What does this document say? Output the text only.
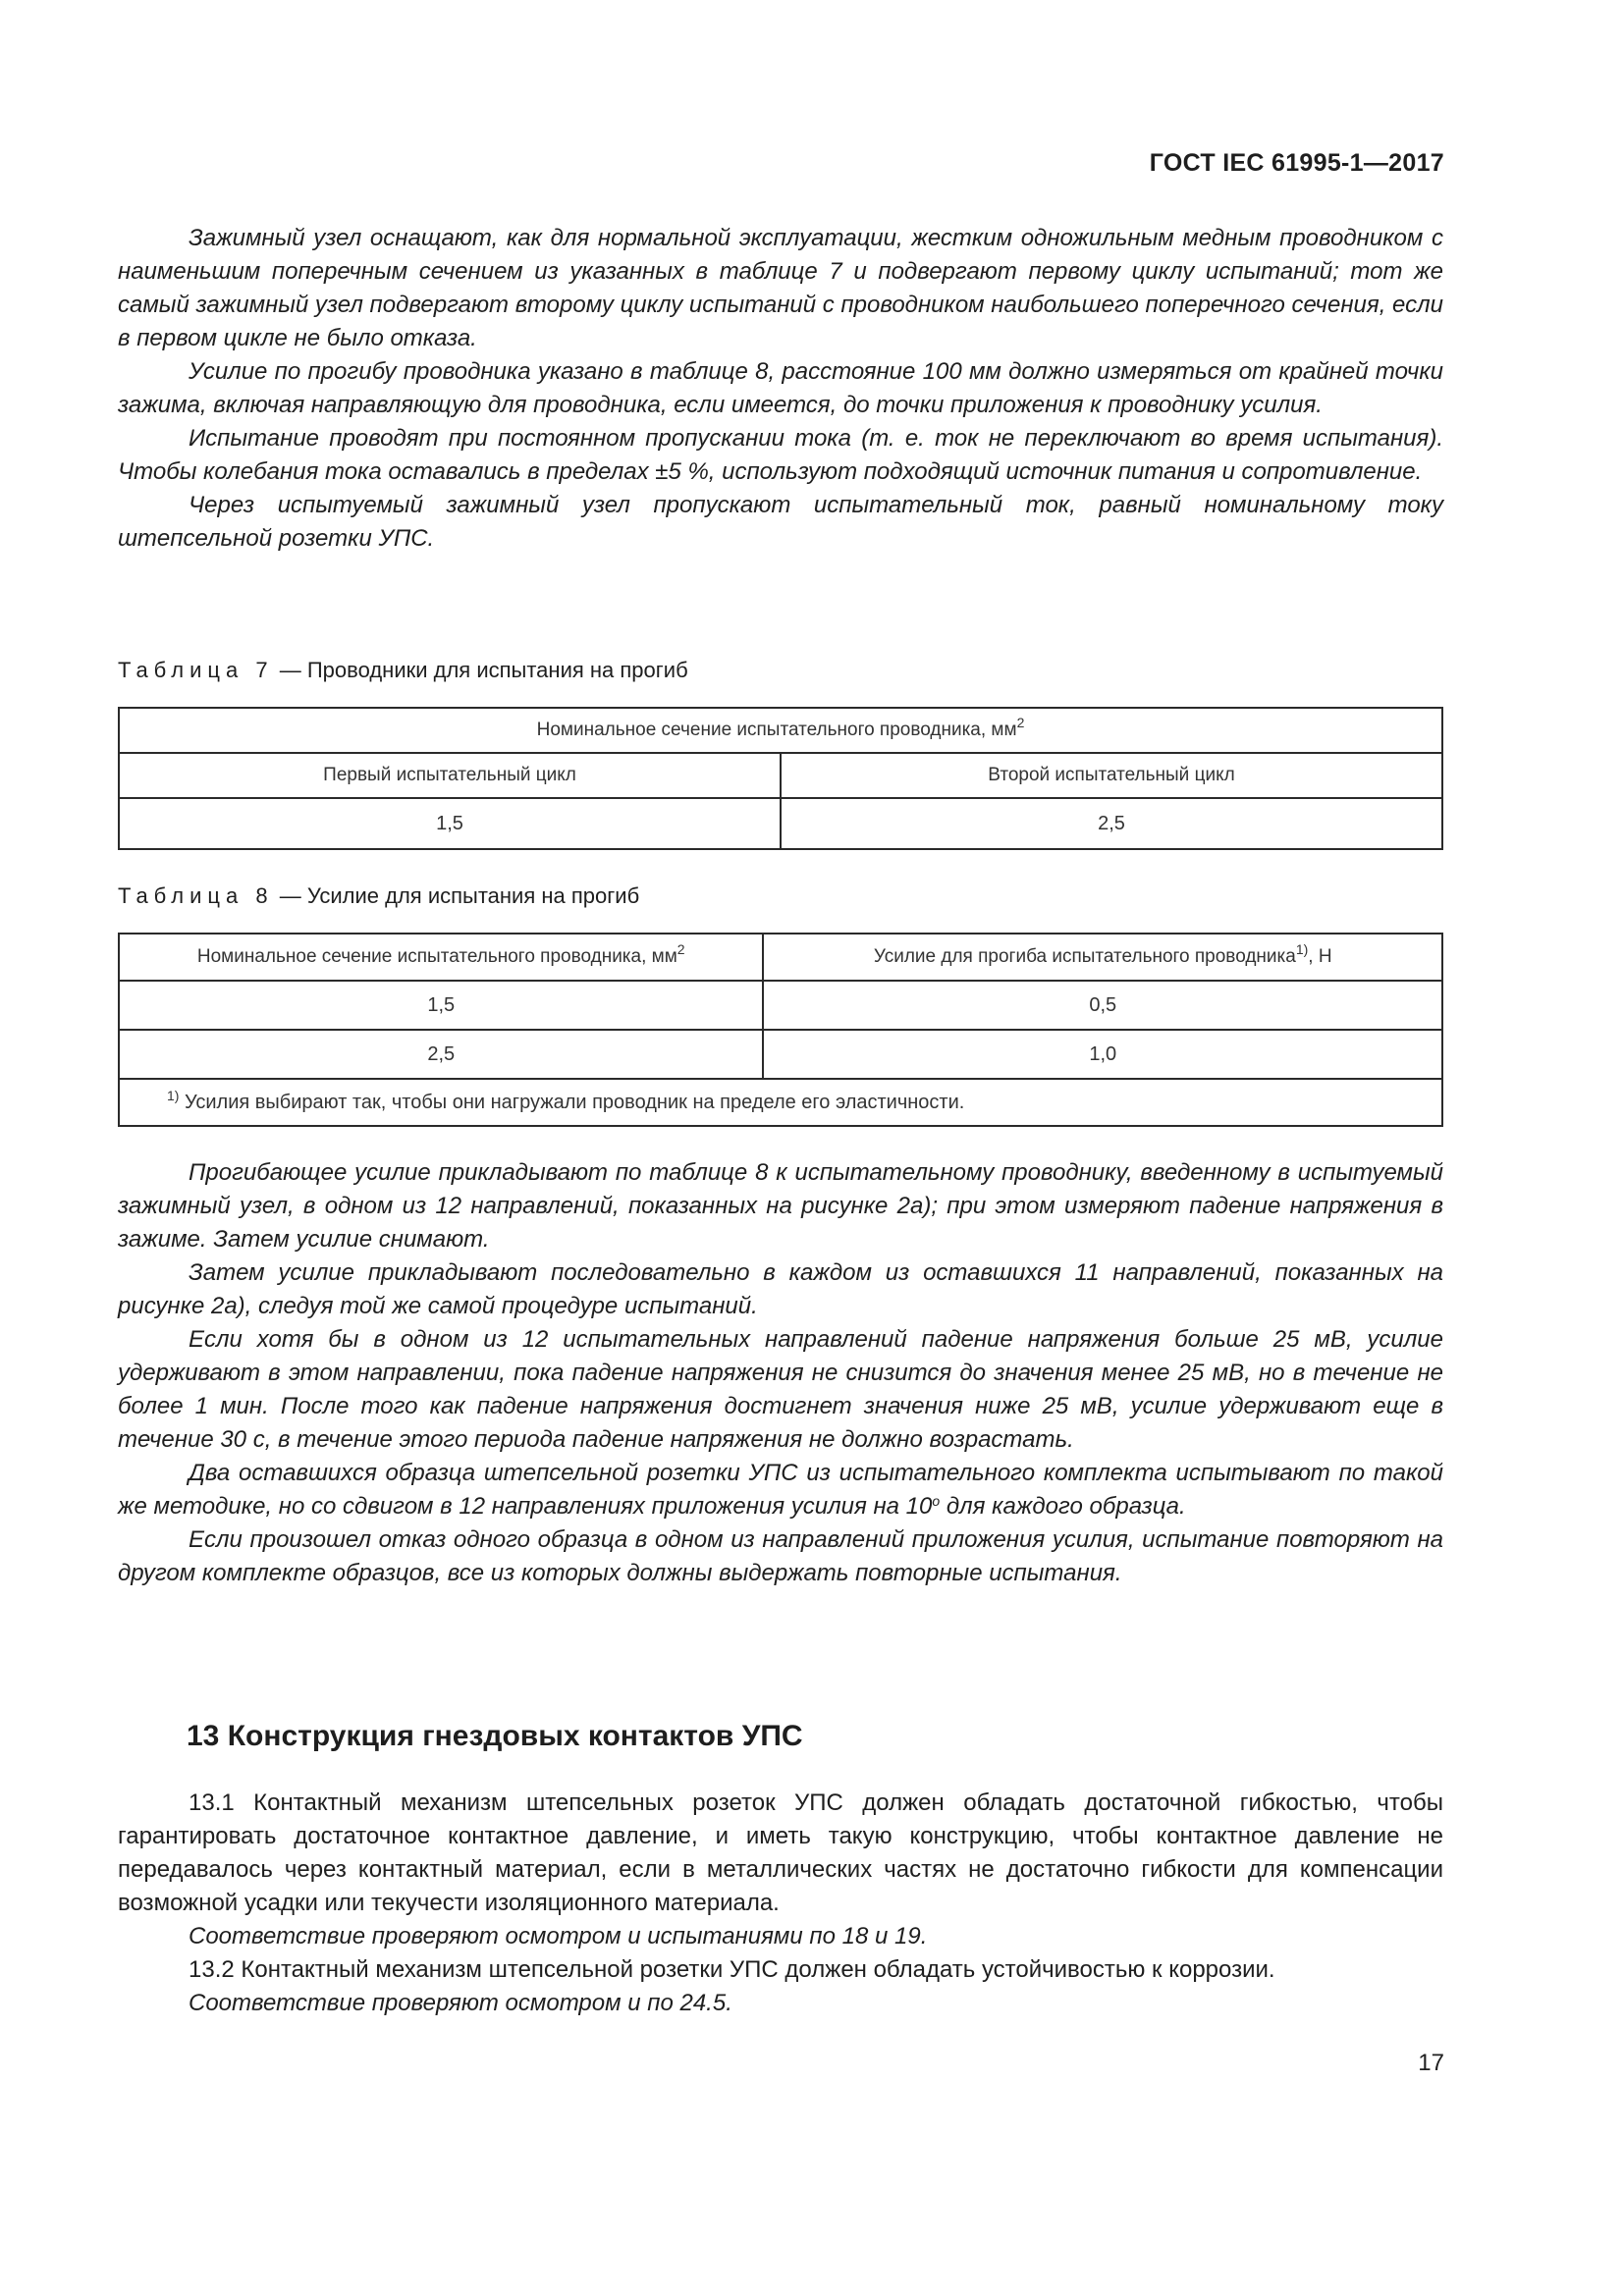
ГОСТ IEC 61995-1—2017

Зажимный узел оснащают, как для нормальной эксплуатации, жестким одножильным медным проводником с наименьшим поперечным сечением из указанных в таблице 7 и подвергают первому циклу испытаний; тот же самый зажимный узел подвергают второму циклу испытаний с проводником наибольшего поперечного сечения, если в первом цикле не было отказа.

Усилие по прогибу проводника указано в таблице 8, расстояние 100 мм должно измеряться от крайней точки зажима, включая направляющую для проводника, если имеется, до точки приложения к проводнику усилия.

Испытание проводят при постоянном пропускании тока (т. е. ток не переключают во время испытания). Чтобы колебания тока оставались в пределах ±5 %, используют подходящий источник питания и сопротивление.

Через испытуемый зажимный узел пропускают испытательный ток, равный номинальному току штепсельной розетки УПС.

Таблица 7 — Проводники для испытания на прогиб
Номинальное сечение испытательного проводника, $мм^2$
Первый испытательный цикл	Второй испытательный цикл
1,5	2,5
Таблица 8 — Усилие для испытания на прогиб
Номинальное сечение испытательного проводника, $мм^2$	Усилие для прогиба испытательного проводника$^{1)}$, Н
1,5	0,5
2,5	1,0
$^{1)}$ Усилия выбирают так, чтобы они нагружали проводник на пределе его эластичности.	

Прогибающее усилие прикладывают по таблице 8 к испытательному проводнику, введенному в испытуемый зажимный узел, в одном из 12 направлений, показанных на рисунке 2а); при этом измеряют падение напряжения в зажиме. Затем усилие снимают.

Затем усилие прикладывают последовательно в каждом из оставшихся 11 направлений, показанных на рисунке 2а), следуя той же самой процедуре испытаний.

Если хотя бы в одном из 12 испытательных направлений падение напряжения больше 25 мВ, усилие удерживают в этом направлении, пока падение напряжения не снизится до значения менее 25 мВ, но в течение не более 1 мин. После того как падение напряжения достигнет значения ниже 25 мВ, усилие удерживают еще в течение 30 с, в течение этого периода падение напряжения не должно возрастать.

Два оставшихся образца штепсельной розетки УПС из испытательного комплекта испытывают по такой же методике, но со сдвигом в 12 направлениях приложения усилия на $10^о$ для каждого образца.

Если произошел отказ одного образца в одном из направлений приложения усилия, испытание повторяют на другом комплекте образцов, все из которых должны выдержать повторные испытания.

13 Конструкция гнездовых контактов УПС

13.1 Контактный механизм штепсельных розеток УПС должен обладать достаточной гибкостью, чтобы гарантировать достаточное контактное давление, и иметь такую конструкцию, чтобы контактное давление не передавалось через контактный материал, если в металлических частях не достаточно гибкости для компенсации возможной усадки или текучести изоляционного материала.

Соответствие проверяют осмотром и испытаниями по 18 и 19.

13.2 Контактный механизм штепсельной розетки УПС должен обладать устойчивостью к коррозии.

Соответствие проверяют осмотром и по 24.5.

17
